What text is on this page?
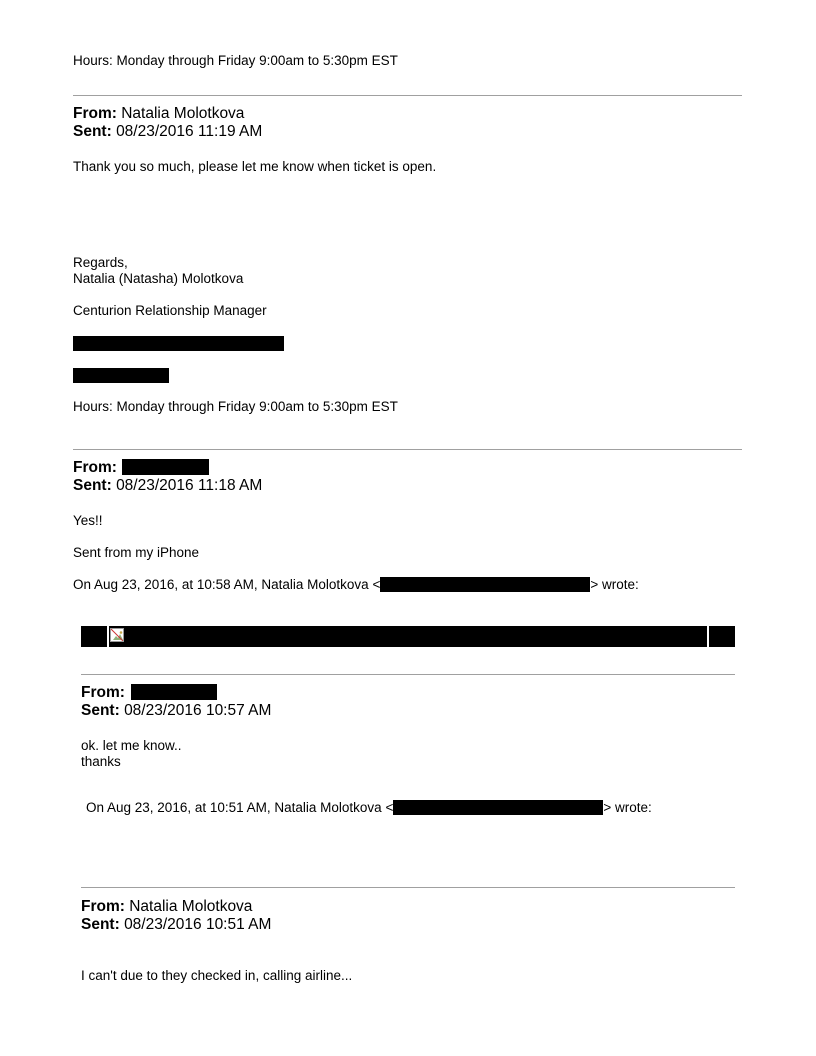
Hours: Monday through Friday 9:00am to 5:30pm EST
From: Natalia Molotkova
Sent: 08/23/2016 11:19 AM
Thank you so much, please let me know when ticket is open.
Regards,
Natalia (Natasha) Molotkova
Centurion Relationship Manager
Hours: Monday through Friday 9:00am to 5:30pm EST
From:
Sent: 08/23/2016 11:18 AM
Yes!!
Sent from my iPhone
On Aug 23, 2016, at 10:58 AM, Natalia Molotkova <	> wrote:
From:
Sent: 08/23/2016 10:57 AM
ok. let me know..
thanks
On Aug 23, 2016, at 10:51 AM, Natalia Molotkova <	> wrote:
From: Natalia Molotkova
Sent: 08/23/2016 10:51 AM
I can't due to they checked in, calling airline...
